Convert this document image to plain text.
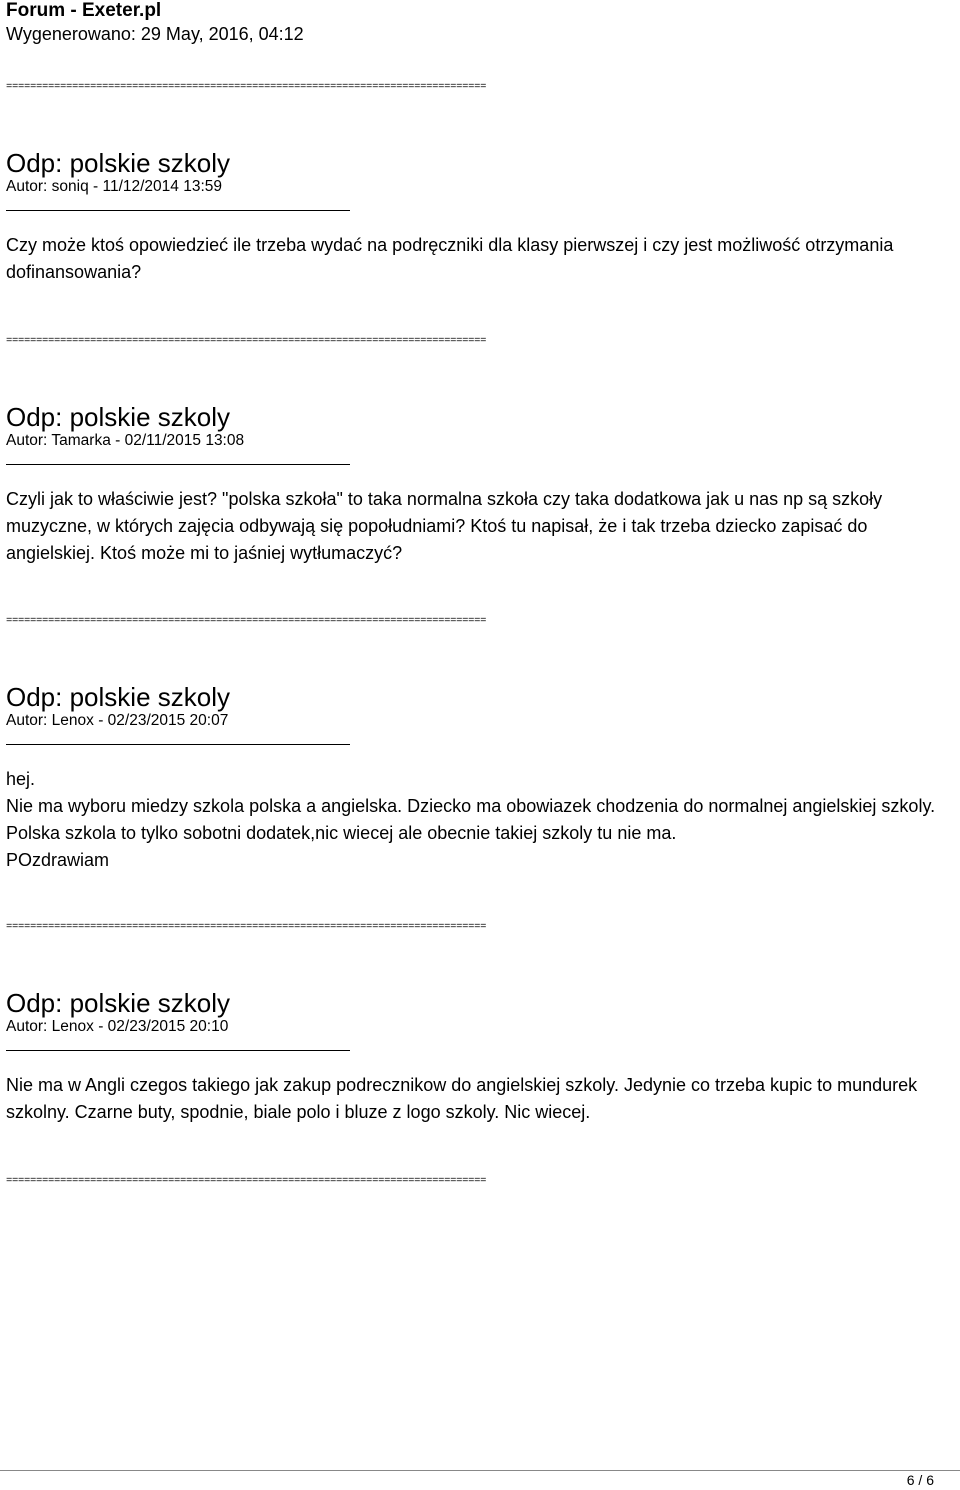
Forum - Exeter.pl
Wygenerowano: 29 May, 2016, 04:12
================================================================================
Odp: polskie szkoly
Autor: soniq - 11/12/2014 13:59

Czy może ktoś opowiedzieć ile trzeba wydać na podręczniki dla klasy pierwszej i czy jest możliwość otrzymania dofinansowania?

================================================================================
Odp: polskie szkoly
Autor: Tamarka - 02/11/2015 13:08

Czyli jak to właściwie jest? "polska szkoła" to taka normalna szkoła czy taka dodatkowa jak u nas np są szkoły muzyczne, w których zajęcia odbywają się popołudniami? Ktoś tu napisał, że i tak trzeba dziecko zapisać do angielskiej. Ktoś może mi to jaśniej wytłumaczyć?

================================================================================
Odp: polskie szkoly
Autor: Lenox - 02/23/2015 20:07

hej.

Nie ma wyboru miedzy szkola polska a angielska. Dziecko ma obowiazek chodzenia do normalnej angielskiej szkoly. Polska szkola to tylko sobotni dodatek,nic wiecej ale obecnie takiej szkoly tu nie ma.

POzdrawiam

================================================================================
Odp: polskie szkoly
Autor: Lenox - 02/23/2015 20:10

Nie ma w Angli czegos takiego jak zakup podrecznikow do angielskiej szkoly. Jedynie co trzeba kupic to mundurek szkolny. Czarne buty, spodnie, biale polo i bluze z logo szkoly. Nic wiecej.

================================================================================
6 / 6
